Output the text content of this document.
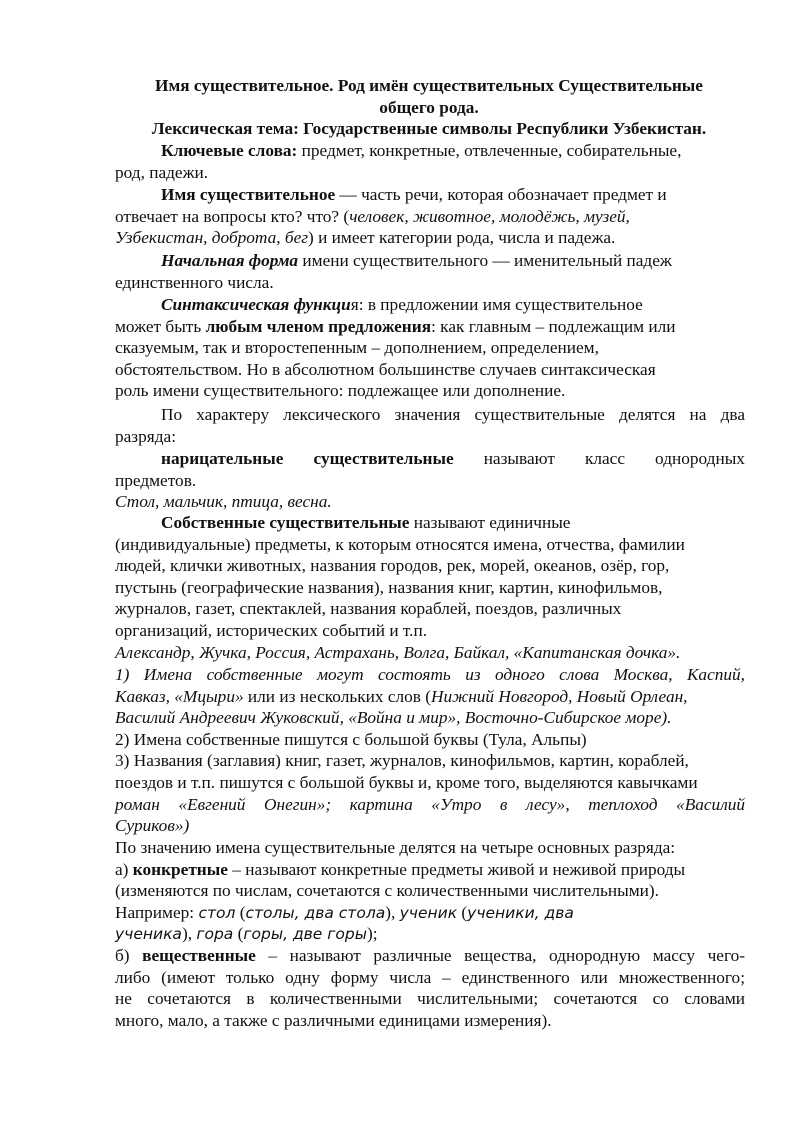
Имя существительное. Род имён существительных Существительные
общего рода.
Лексическая тема: Государственные символы Республики Узбекистан.
Ключевые слова: предмет, конкретные, отвлеченные, собирательные,
род, падежи.
Имя существительное — часть речи, которая обозначает предмет и
отвечает на вопросы кто? что? (человек, животное, молодёжь, музей,
Узбекистан, доброта, бег) и имеет категории рода, числа и падежа.
Начальная форма имени существительного — именительный падеж
единственного числа.
Синтаксическая функция: в предложении имя существительное
может быть любым членом предложения: как главным – подлежащим или
сказуемым, так и второстепенным – дополнением, определением,
обстоятельством. Но в абсолютном большинстве случаев синтаксическая
роль имени существительного: подлежащее или дополнение.
По характеру лексического значения существительные делятся на два
разряда:
нарицательные существительные называют класс однородных
предметов.
Стол, мальчик, птица, весна.
Собственные существительные называют единичные
(индивидуальные) предметы, к которым относятся имена, отчества, фамилии
людей, клички животных, названия городов, рек, морей, океанов, озёр, гор,
пустынь (географические названия), названия книг, картин, кинофильмов,
журналов, газет, спектаклей, названия кораблей, поездов, различных
организаций, исторических событий и т.п.
Александр, Жучка, Россия, Астрахань, Волга, Байкал, «Капитанская дочка».
1) Имена собственные могут состоять из одного слова Москва, Каспий,
Кавказ, «Мцыри» или из нескольких слов (Нижний Новгород, Новый Орлеан,
Василий Андреевич Жуковский, «Война и мир», Восточно-Сибирское море).
2) Имена собственные пишутся с большой буквы (Тула, Альпы)
3) Названия (заглавия) книг, газет, журналов, кинофильмов, картин, кораблей,
поездов и т.п. пишутся с большой буквы и, кроме того, выделяются кавычками
роман «Евгений Онегин»; картина «Утро в лесу», теплоход «Василий
Суриков»)
По значению имена существительные делятся на четыре основных разряда:
а) конкретные – называют конкретные предметы живой и неживой природы
(изменяются по числам, сочетаются с количественными числительными).
Например: стол (столы, два стола), ученик (ученики, два
ученика), гора (горы, две горы);
б) вещественные – называют различные вещества, однородную массу чего-
либо (имеют только одну форму числа – единственного или множественного;
не сочетаются в количественными числительными; сочетаются со словами
много, мало, а также с различными единицами измерения).
